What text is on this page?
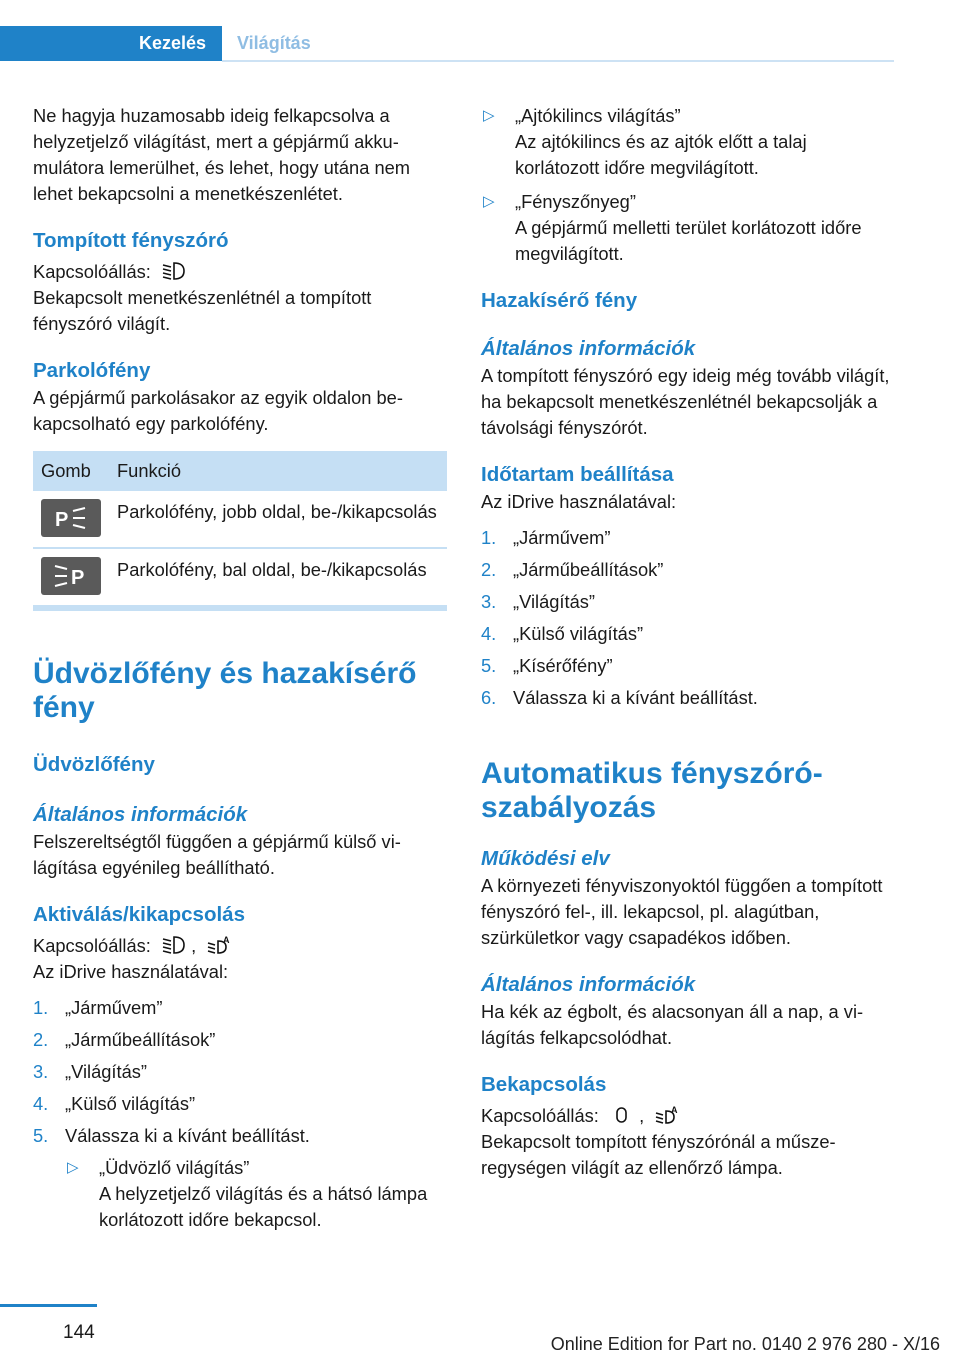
Kezelés Világítás

Ne hagyja huzamosabb ideig felkapcsolva a helyzetjelző világítást, mert a gépjármű akkumulátora lemerülhet, és lehet, hogy utána nem lehet bekapcsolni a menetkészenlétet.

Tompított fényszóró

Kapcsolóállás:

Bekapcsolt menetkészenlétnél a tompított fényszóró világít.

Parkolófény

A gépjármű parkolásakor az egyik oldalon bekapcsolható egy parkolófény.

Gomb	Funkció

P	Parkolófény, jobb oldal, be-/kikapcsolás

P	Parkolófény, bal oldal, be-/kikapcsolás

Üdvözlőfény és hazakísérő fény

Üdvözlőfény

Általános információk

Felszereltségtől függően a gépjármű külső világítása egyénileg beállítható.

Aktiválás/kikapcsolás

Kapcsolóállás: ,	A

Az iDrive használatával:

1. „Járművem”
2. „Járműbeállítások”
3. „Világítás”
4. „Külső világítás”
5. Válassza ki a kívánt beállítást.
▷ „Üdvözlő világítás”
A helyzetjelző világítás és a hátsó lámpa korlátozott időre bekapcsol.
▷ „Ajtókilincs világítás”
Az ajtókilincs és az ajtók előtt a talaj korlátozott időre megvilágított.
▷ „Fényszőnyeg”
A gépjármű melletti terület korlátozott időre megvilágított.

Hazakísérő fény

Általános információk

A tompított fényszóró egy ideig még tovább világít, ha bekapcsolt menetkészenlétnél bekapcsolják a távolsági fényszórót.

Időtartam beállítása

Az iDrive használatával:

1. „Járművem”
2. „Járműbeállítások”
3. „Világítás”
4. „Külső világítás”
5. „Kísérőfény”
6. Válassza ki a kívánt beállítást.

Automatikus fényszóró-szabályozás

Működési elv

A környezeti fényviszonyoktól függően a tompított fényszóró fel-, ill. lekapcsol, pl. alagútban, szürkületkor vagy csapadékos időben.

Általános információk

Ha kék az égbolt, és alacsonyan áll a nap, a világítás felkapcsolódhat.

Bekapcsolás

Kapcsolóállás: ,	A

Bekapcsolt tompított fényszórónál a műszeregységen világít az ellenőrző lámpa.

144
Online Edition for Part no. 0140 2 976 280 - X/16
